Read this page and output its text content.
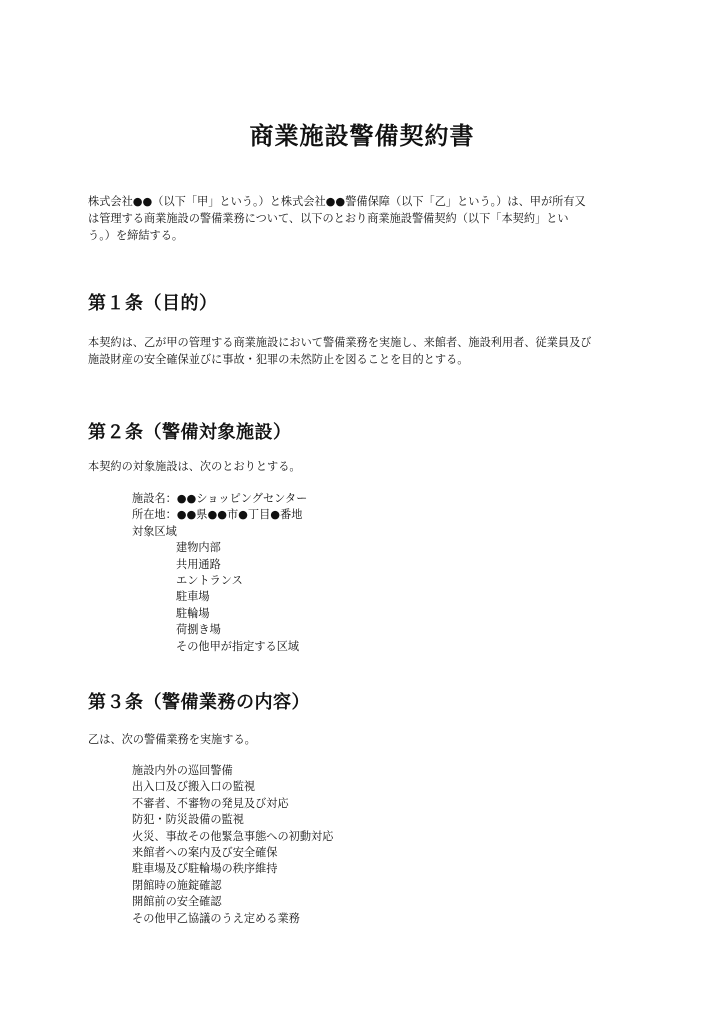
商業施設警備契約書

株式会社●●（以下「甲」という。）と株式会社●●警備保障（以下「乙」という。）は、甲が所有又

は管理する商業施設の警備業務について、以下のとおり商業施設警備契約（以下「本契約」とい

う。）を締結する。

第１条（目的）

本契約は、乙が甲の管理する商業施設において警備業務を実施し、来館者、施設利用者、従業員及び

施設財産の安全確保並びに事故・犯罪の未然防止を図ることを目的とする。

第２条（警備対象施設）

本契約の対象施設は、次のとおりとする。

施設名：●●ショッピングセンター
所在地：●●県●●市●丁目●番地
対象区域
建物内部
共用通路
エントランス
駐車場
駐輪場
荷捌き場
その他甲が指定する区域
第３条（警備業務の内容）

乙は、次の警備業務を実施する。

施設内外の巡回警備
出入口及び搬入口の監視
不審者、不審物の発見及び対応
防犯・防災設備の監視
火災、事故その他緊急事態への初動対応
来館者への案内及び安全確保
駐車場及び駐輪場の秩序維持
閉館時の施錠確認
開館前の安全確認
その他甲乙協議のうえ定める業務
